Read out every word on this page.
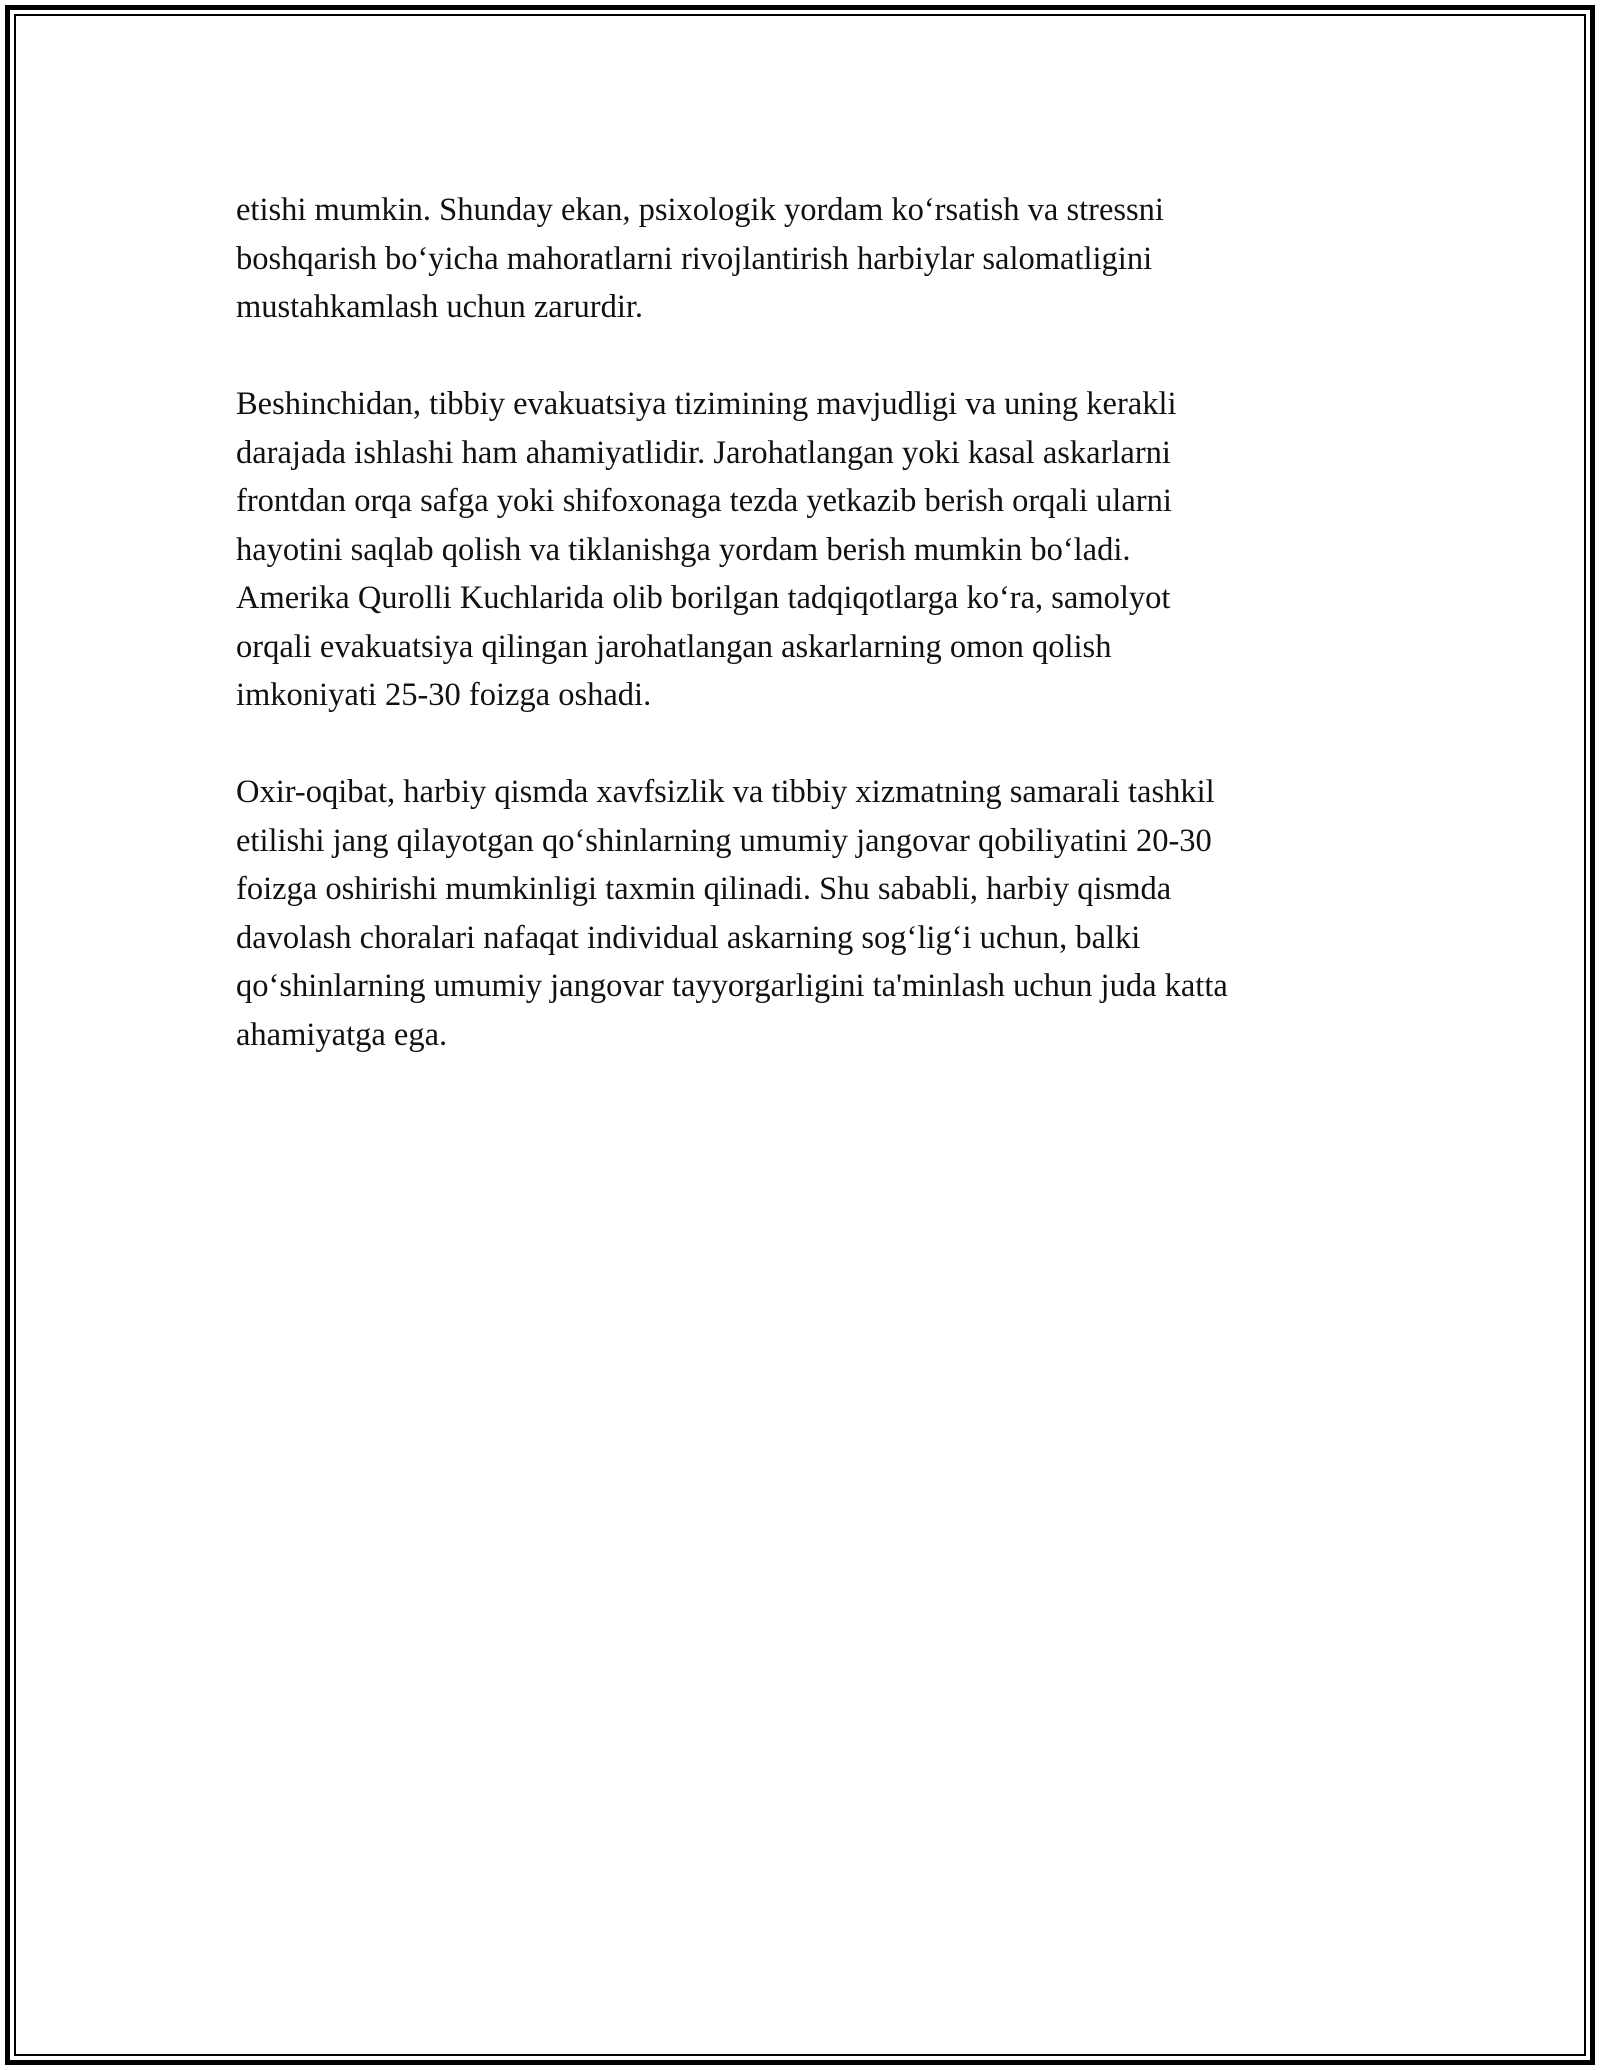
etishi mumkin. Shunday ekan, psixologik yordam ko‘rsatish va stressni
boshqarish bo‘yicha mahoratlarni rivojlantirish harbiylar salomatligini
mustahkamlash uchun zarurdir.

Beshinchidan, tibbiy evakuatsiya tizimining mavjudligi va uning kerakli
darajada ishlashi ham ahamiyatlidir. Jarohatlangan yoki kasal askarlarni
frontdan orqa safga yoki shifoxonaga tezda yetkazib berish orqali ularni
hayotini saqlab qolish va tiklanishga yordam berish mumkin bo‘ladi.
Amerika Qurolli Kuchlarida olib borilgan tadqiqotlarga ko‘ra, samolyot
orqali evakuatsiya qilingan jarohatlangan askarlarning omon qolish
imkoniyati 25-30 foizga oshadi.

Oxir-oqibat, harbiy qismda xavfsizlik va tibbiy xizmatning samarali tashkil
etilishi jang qilayotgan qo‘shinlarning umumiy jangovar qobiliyatini 20-30
foizga oshirishi mumkinligi taxmin qilinadi. Shu sababli, harbiy qismda
davolash choralari nafaqat individual askarning sog‘lig‘i uchun, balki
qo‘shinlarning umumiy jangovar tayyorgarligini ta'minlash uchun juda katta
ahamiyatga ega.
